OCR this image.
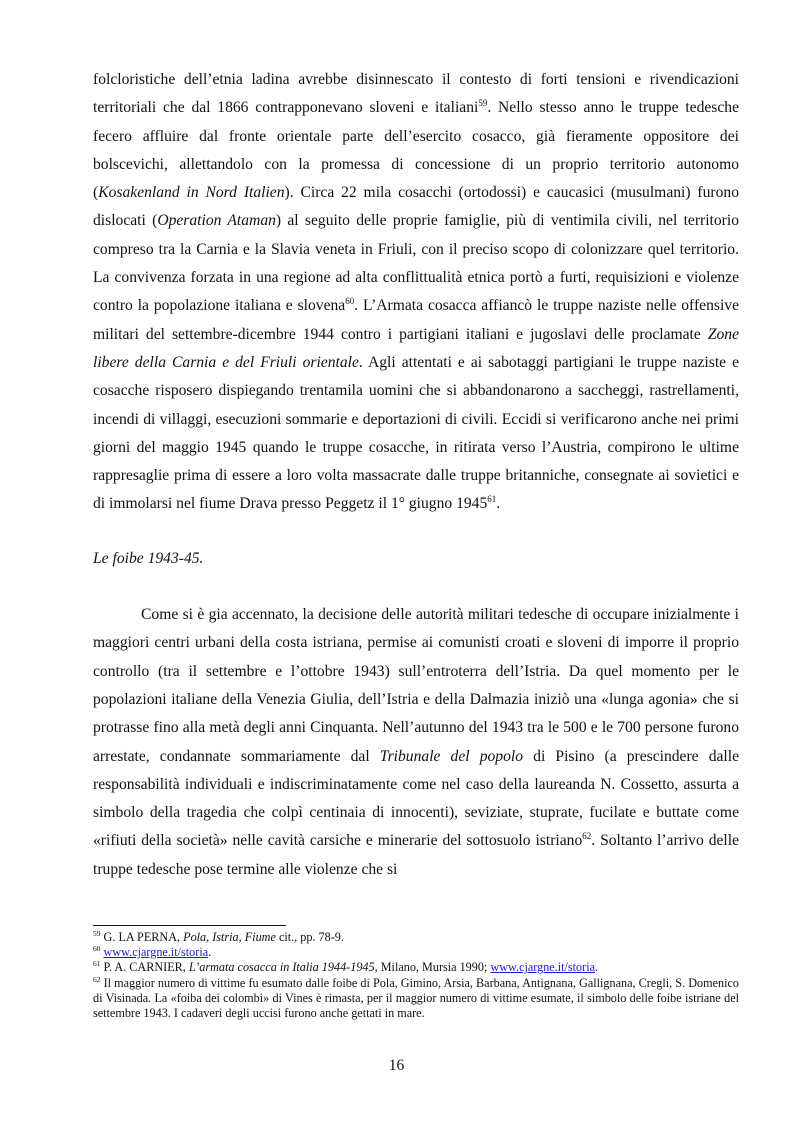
folcloristiche dell’etnia ladina avrebbe disinnescato il contesto di forti tensioni e rivendicazioni territoriali che dal 1866 contrapponevano sloveni e italiani$^{59}$. Nello stesso anno le truppe tedesche fecero affluire dal fronte orientale parte dell’esercito cosacco, già fieramente oppositore dei bolscevichi, allettandolo con la promessa di concessione di un proprio territorio autonomo (Kosakenland in Nord Italien). Circa 22 mila cosacchi (ortodossi) e caucasici (musulmani) furono dislocati (Operation Ataman) al seguito delle proprie famiglie, più di ventimila civili, nel territorio compreso tra la Carnia e la Slavia veneta in Friuli, con il preciso scopo di colonizzare quel territorio. La convivenza forzata in una regione ad alta conflittualità etnica portò a furti, requisizioni e violenze contro la popolazione italiana e slovena$^{60}$. L’Armata cosacca affiancò le truppe naziste nelle offensive militari del settembre-dicembre 1944 contro i partigiani italiani e jugoslavi delle proclamate Zone libere della Carnia e del Friuli orientale. Agli attentati e ai sabotaggi partigiani le truppe naziste e cosacche risposero dispiegando trentamila uomini che si abbandonarono a saccheggi, rastrellamenti, incendi di villaggi, esecuzioni sommarie e deportazioni di civili. Eccidi si verificarono anche nei primi giorni del maggio 1945 quando le truppe cosacche, in ritirata verso l’Austria, compirono le ultime rappresaglie prima di essere a loro volta massacrate dalle truppe britanniche, consegnate ai sovietici e di immolarsi nel fiume Drava presso Peggetz il 1° giugno 1945$^{61}$.

Le foibe 1943-45.

Come si è gia accennato, la decisione delle autorità militari tedesche di occupare inizialmente i maggiori centri urbani della costa istriana, permise ai comunisti croati e sloveni di imporre il proprio controllo (tra il settembre e l’ottobre 1943) sull’entroterra dell’Istria. Da quel momento per le popolazioni italiane della Venezia Giulia, dell’Istria e della Dalmazia iniziò una «lunga agonia» che si protrasse fino alla metà degli anni Cinquanta. Nell’autunno del 1943 tra le 500 e le 700 persone furono arrestate, condannate sommariamente dal Tribunale del popolo di Pisino (a prescindere dalle responsabilità individuali e indiscriminatamente come nel caso della laureanda N. Cossetto, assurta a simbolo della tragedia che colpì centinaia di innocenti), seviziate, stuprate, fucilate e buttate come «rifiuti della società» nelle cavità carsiche e minerarie del sottosuolo istriano$^{62}$. Soltanto l’arrivo delle truppe tedesche pose termine alle violenze che si

$^{59}$ G. LA PERNA, Pola, Istria, Fiume cit., pp. 78-9.

$^{60}$ www.cjargne.it/storia.

$^{61}$ P. A. CARNIER, L’armata cosacca in Italia 1944-1945, Milano, Mursia 1990; www.cjargne.it/storia.

$^{62}$ Il maggior numero di vittime fu esumato dalle foibe di Pola, Gimino, Arsia, Barbana, Antignana, Gallignana, Cregli, S. Domenico di Visinada. La «foiba dei colombi» di Vines è rimasta, per il maggior numero di vittime esumate, il simbolo delle foibe istriane del settembre 1943. I cadaveri degli uccisi furono anche gettati in mare.

16
